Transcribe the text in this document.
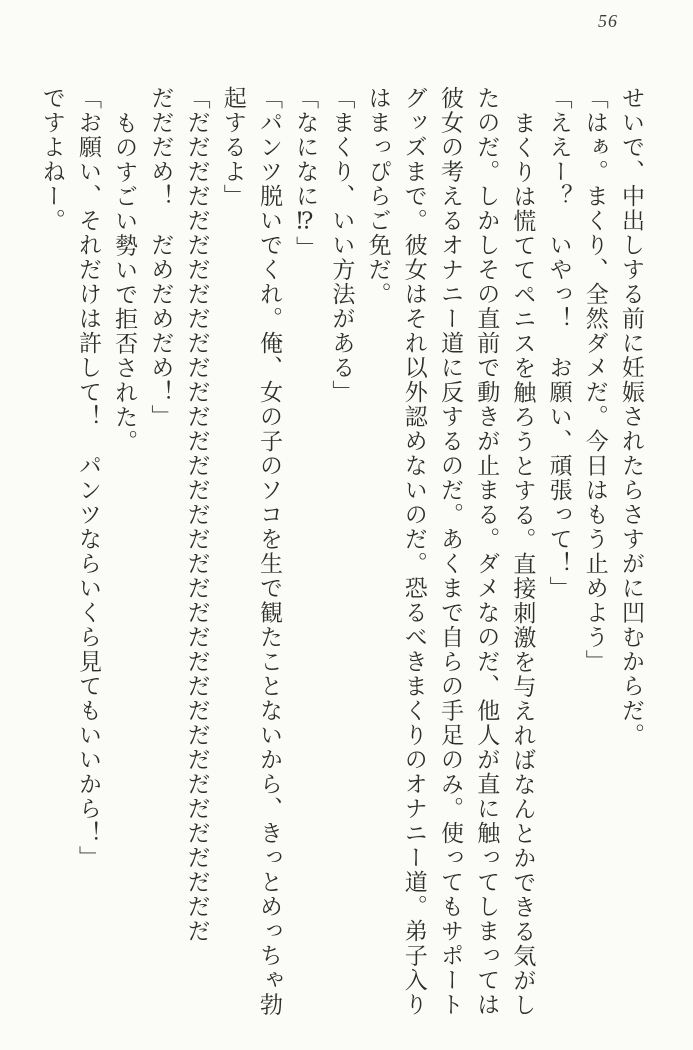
56

せいで、中出しする前に妊娠されたらさすがに凹むからだ。

「はぁ。まくり、全然ダメだ。今日はもう止めよう」

「ええー？　いやっ！　お願い、頑張って！」

まくりは慌ててペニスを触ろうとする。直接刺激を与えればなんとかできる気がし

たのだ。しかしその直前で動きが止まる。ダメなのだ、他人が直に触ってしまっては

彼女の考えるオナニー道に反するのだ。あくまで自らの手足のみ。使ってもサポート

グッズまで。彼女はそれ以外認めないのだ。恐るべきまくりのオナニー道。弟子入り

はまっぴらご免だ。

「まくり、いい方法がある」

「なになに⁉」

「パンツ脱いでくれ。俺、女の子のソコを生で観たことないから、きっとめっちゃ勃

起するよ」

「だだだだだだだだだだだだだだだだだだだだだだだだだだだだだだだだだだ

だだだめ！　だめだめだめ！」

ものすごい勢いで拒否された。

「お願い、それだけは許して！　パンツならいくら見てもいいから！」

ですよねー。
